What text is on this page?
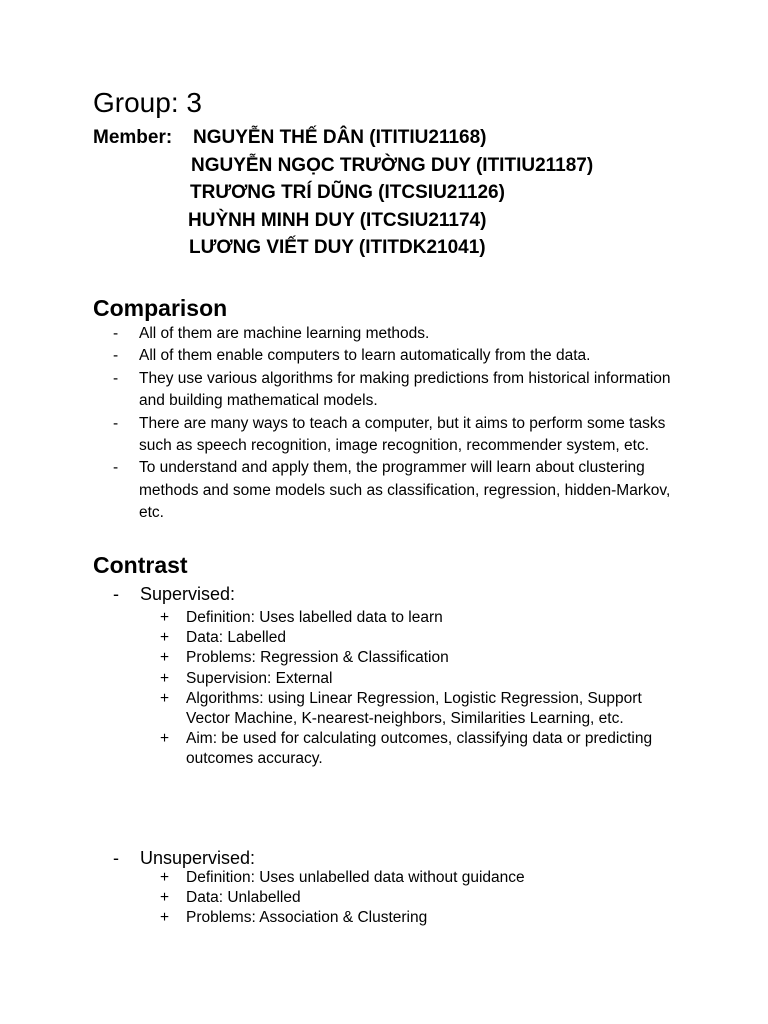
Group: 3
Member: NGUYỄN THẾ DÂN (ITITIU21168)
NGUYỄN NGỌC TRƯỜNG DUY (ITITIU21187)
TRƯƠNG TRÍ DŨNG (ITCSIU21126)
HUỲNH MINH DUY (ITCSIU21174)
LƯƠNG VIẾT DUY (ITITDK21041)
Comparison
- All of them are machine learning methods.
- All of them enable computers to learn automatically from the data.
- They use various algorithms for making predictions from historical information and building mathematical models.
- There are many ways to teach a computer, but it aims to perform some tasks such as speech recognition, image recognition, recommender system, etc.
- To understand and apply them, the programmer will learn about clustering methods and some models such as classification, regression, hidden-Markov, etc.
Contrast
- Supervised:
+ Definition: Uses labelled data to learn
+ Data: Labelled
+ Problems: Regression & Classification
+ Supervision: External
+ Algorithms: using Linear Regression, Logistic Regression, Support Vector Machine, K-nearest-neighbors, Similarities Learning, etc.
+ Aim: be used for calculating outcomes, classifying data or predicting outcomes accuracy.
- Unsupervised:
+ Definition: Uses unlabelled data without guidance
+ Data: Unlabelled
+ Problems: Association & Clustering
